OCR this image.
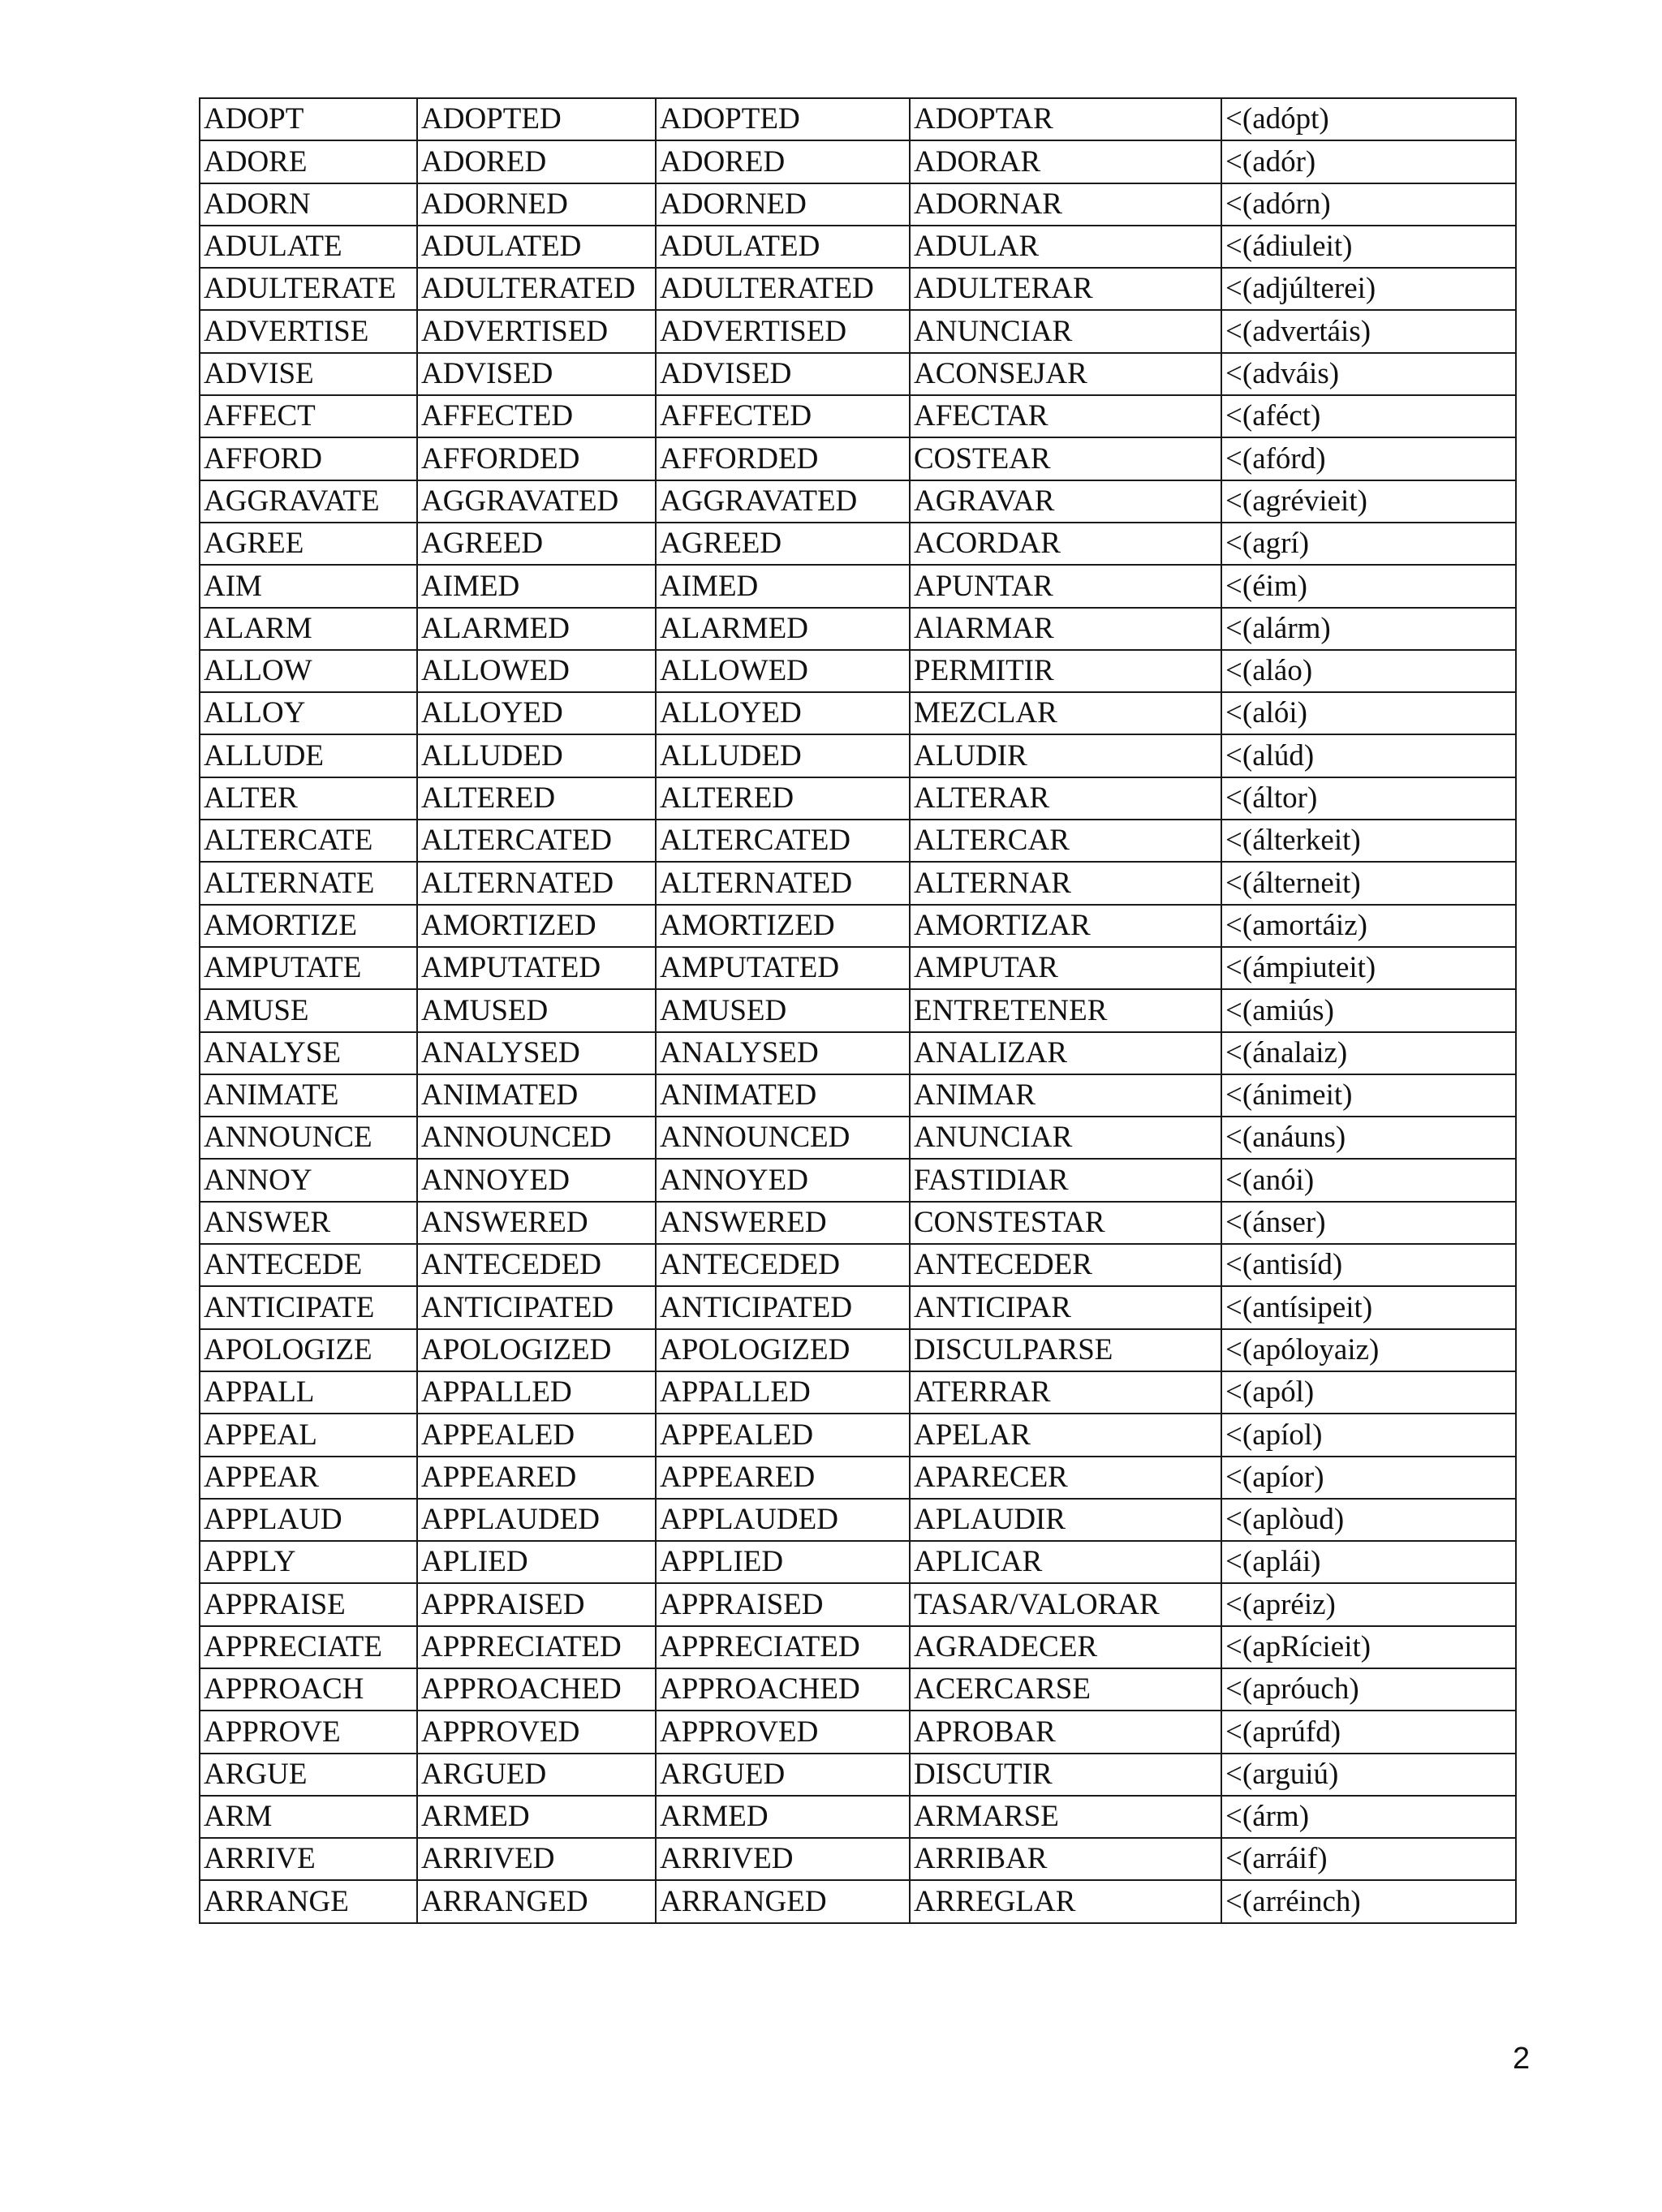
ADOPT	ADOPTED	ADOPTED	ADOPTAR	<(adópt)
ADORE	ADORED	ADORED	ADORAR	<(adór)
ADORN	ADORNED	ADORNED	ADORNAR	<(adórn)
ADULATE	ADULATED	ADULATED	ADULAR	<(ádiuleit)
ADULTERATE	ADULTERATED	ADULTERATED	ADULTERAR	<(adjúlterei)
ADVERTISE	ADVERTISED	ADVERTISED	ANUNCIAR	<(advertáis)
ADVISE	ADVISED	ADVISED	ACONSEJAR	<(adváis)
AFFECT	AFFECTED	AFFECTED	AFECTAR	<(aféct)
AFFORD	AFFORDED	AFFORDED	COSTEAR	<(afórd)
AGGRAVATE	AGGRAVATED	AGGRAVATED	AGRAVAR	<(agrévieit)
AGREE	AGREED	AGREED	ACORDAR	<(agrí)
AIM	AIMED	AIMED	APUNTAR	<(éim)
ALARM	ALARMED	ALARMED	AlARMAR	<(alárm)
ALLOW	ALLOWED	ALLOWED	PERMITIR	<(aláo)
ALLOY	ALLOYED	ALLOYED	MEZCLAR	<(alói)
ALLUDE	ALLUDED	ALLUDED	ALUDIR	<(alúd)
ALTER	ALTERED	ALTERED	ALTERAR	<(áltor)
ALTERCATE	ALTERCATED	ALTERCATED	ALTERCAR	<(álterkeit)
ALTERNATE	ALTERNATED	ALTERNATED	ALTERNAR	<(álterneit)
AMORTIZE	AMORTIZED	AMORTIZED	AMORTIZAR	<(amortáiz)
AMPUTATE	AMPUTATED	AMPUTATED	AMPUTAR	<(ámpiuteit)
AMUSE	AMUSED	AMUSED	ENTRETENER	<(amiús)
ANALYSE	ANALYSED	ANALYSED	ANALIZAR	<(ánalaiz)
ANIMATE	ANIMATED	ANIMATED	ANIMAR	<(ánimeit)
ANNOUNCE	ANNOUNCED	ANNOUNCED	ANUNCIAR	<(anáuns)
ANNOY	ANNOYED	ANNOYED	FASTIDIAR	<(anói)
ANSWER	ANSWERED	ANSWERED	CONSTESTAR	<(ánser)
ANTECEDE	ANTECEDED	ANTECEDED	ANTECEDER	<(antisíd)
ANTICIPATE	ANTICIPATED	ANTICIPATED	ANTICIPAR	<(antísipeit)
APOLOGIZE	APOLOGIZED	APOLOGIZED	DISCULPARSE	<(apóloyaiz)
APPALL	APPALLED	APPALLED	ATERRAR	<(apól)
APPEAL	APPEALED	APPEALED	APELAR	<(apíol)
APPEAR	APPEARED	APPEARED	APARECER	<(apíor)
APPLAUD	APPLAUDED	APPLAUDED	APLAUDIR	<(aplòud)
APPLY	APLIED	APPLIED	APLICAR	<(aplái)
APPRAISE	APPRAISED	APPRAISED	TASAR/VALORAR	<(apréiz)
APPRECIATE	APPRECIATED	APPRECIATED	AGRADECER	<(apRícieit)
APPROACH	APPROACHED	APPROACHED	ACERCARSE	<(apróuch)
APPROVE	APPROVED	APPROVED	APROBAR	<(aprúfd)
ARGUE	ARGUED	ARGUED	DISCUTIR	<(arguiú)
ARM	ARMED	ARMED	ARMARSE	<(árm)
ARRIVE	ARRIVED	ARRIVED	ARRIBAR	<(arráif)
ARRANGE	ARRANGED	ARRANGED	ARREGLAR	<(arréinch)
2
